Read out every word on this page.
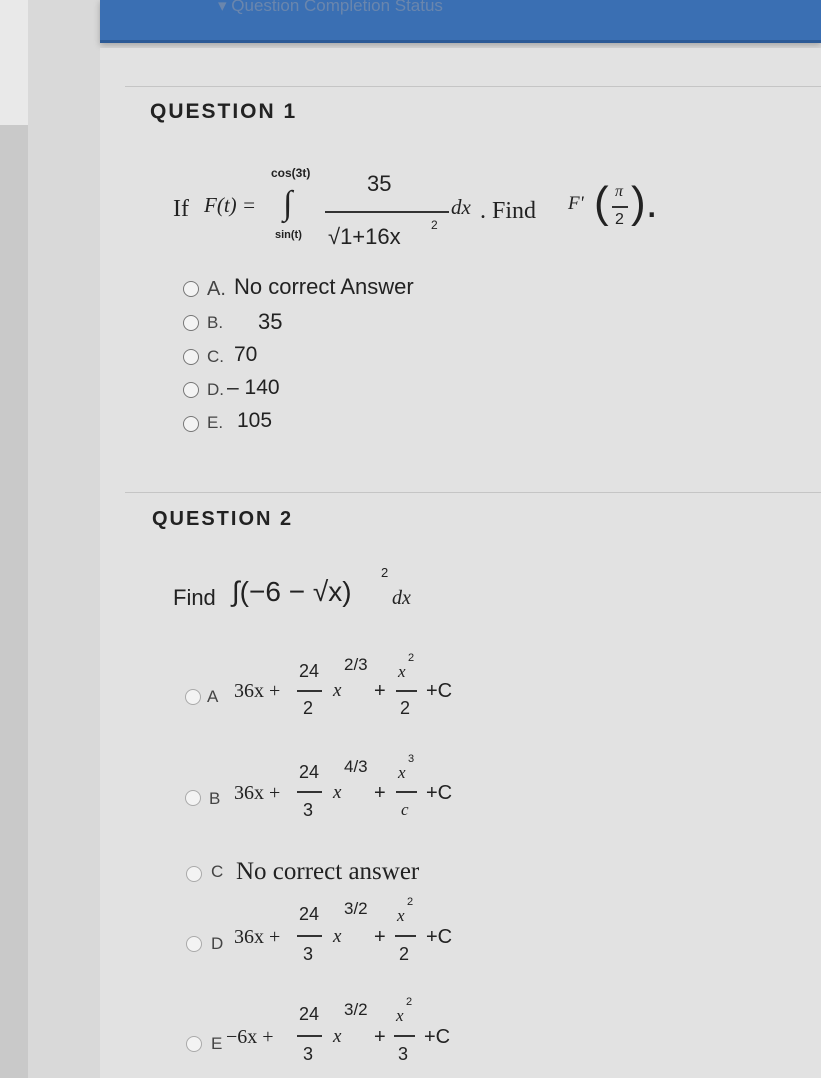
▾ Question Completion Status
QUESTION 1
If F(t) =
cos(3t)
∫
sin(t)
35
√1+16x	2
dx . Find F' ( π
2 ).
A. No correct Answer
B. 35
C. 70
D. – 140
E. 105
QUESTION 2
Find ∫(−6 − √x)
2
dx
A 36x +
24
2
x
2/3
+
x
2
2
+C
B 36x +
24
3
x
4/3
+
x
3
c
+C
C No correct answer
D 36x +
24
3
x
3/2
+
x
2
2
+C
E −6x +
24
3
x
3/2
+
x
2
3
+C
